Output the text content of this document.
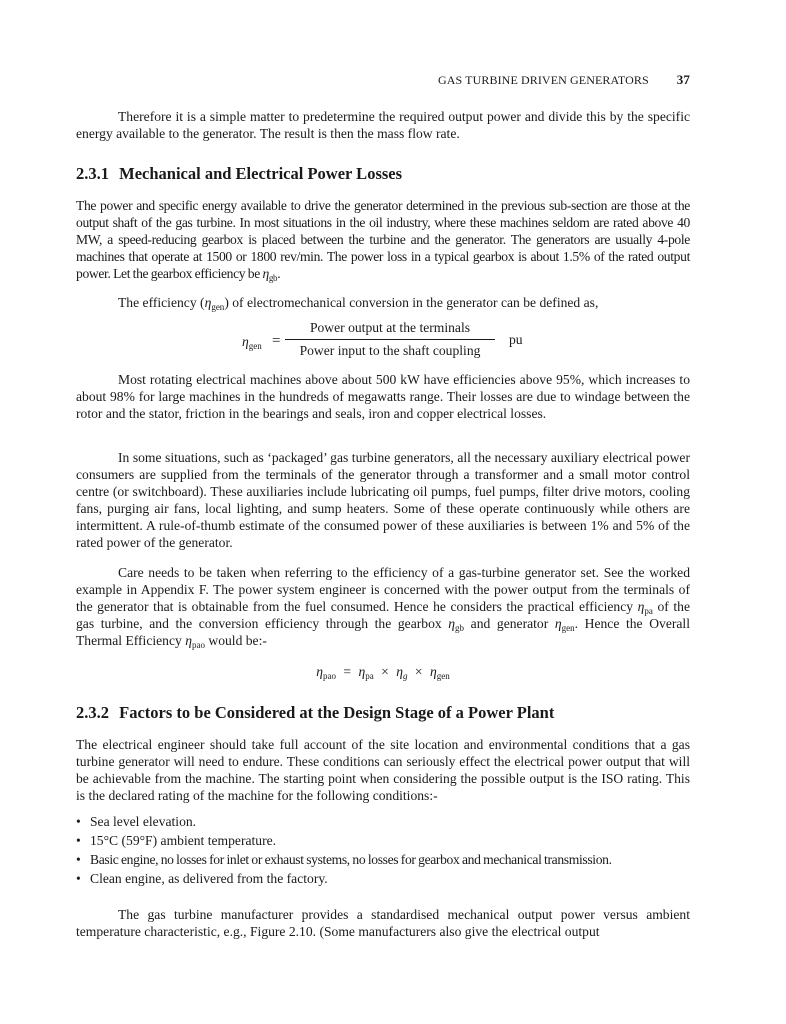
GAS TURBINE DRIVEN GENERATORS 37

Therefore it is a simple matter to predetermine the required output power and divide this by the specific energy available to the generator. The result is then the mass flow rate.

2.3.1 Mechanical and Electrical Power Losses

The power and specific energy available to drive the generator determined in the previous sub-section are those at the output shaft of the gas turbine. In most situations in the oil industry, where these machines seldom are rated above 40 MW, a speed-reducing gearbox is placed between the turbine and the generator. The generators are usually 4-pole machines that operate at 1500 or 1800 rev/min. The power loss in a typical gearbox is about 1.5% of the rated output power. Let the gearbox efficiency be $\eta_{gb}$.

The efficiency $(\eta_{gen})$ of electromechanical conversion in the generator can be defined as,

$\eta_{gen}$ =
Power output at the terminals
Power input to the shaft coupling
pu

Most rotating electrical machines above about 500 kW have efficiencies above 95%, which increases to about 98% for large machines in the hundreds of megawatts range. Their losses are due to windage between the rotor and the stator, friction in the bearings and seals, iron and copper electrical losses.

In some situations, such as ‘packaged’ gas turbine generators, all the necessary auxiliary electrical power consumers are supplied from the terminals of the generator through a transformer and a small motor control centre (or switchboard). These auxiliaries include lubricating oil pumps, fuel pumps, filter drive motors, cooling fans, purging air fans, local lighting, and sump heaters. Some of these operate continuously while others are intermittent. A rule-of-thumb estimate of the consumed power of these auxiliaries is between 1% and 5% of the rated power of the generator.

Care needs to be taken when referring to the efficiency of a gas-turbine generator set. See the worked example in Appendix F. The power system engineer is concerned with the power output from the terminals of the generator that is obtainable from the fuel consumed. Hence he considers the practical efficiency $\eta_{pa}$ of the gas turbine, and the conversion efficiency through the gearbox $\eta_{gb}$ and generator $\eta_{gen}$. Hence the Overall Thermal Efficiency $\eta_{pao}$ would be:-

$\eta_{pao} = \eta_{pa} \times \eta_g \times \eta_{gen}$
2.3.2 Factors to be Considered at the Design Stage of a Power Plant

The electrical engineer should take full account of the site location and environmental conditions that a gas turbine generator will need to endure. These conditions can seriously effect the electrical power output that will be achievable from the machine. The starting point when considering the possible output is the ISO rating. This is the declared rating of the machine for the following conditions:-

• Sea level elevation.
• 15°C (59°F) ambient temperature.
• Basic engine, no losses for inlet or exhaust systems, no losses for gearbox and mechanical transmission.
• Clean engine, as delivered from the factory.

The gas turbine manufacturer provides a standardised mechanical output power versus ambient temperature characteristic, e.g., Figure 2.10. (Some manufacturers also give the electrical output
